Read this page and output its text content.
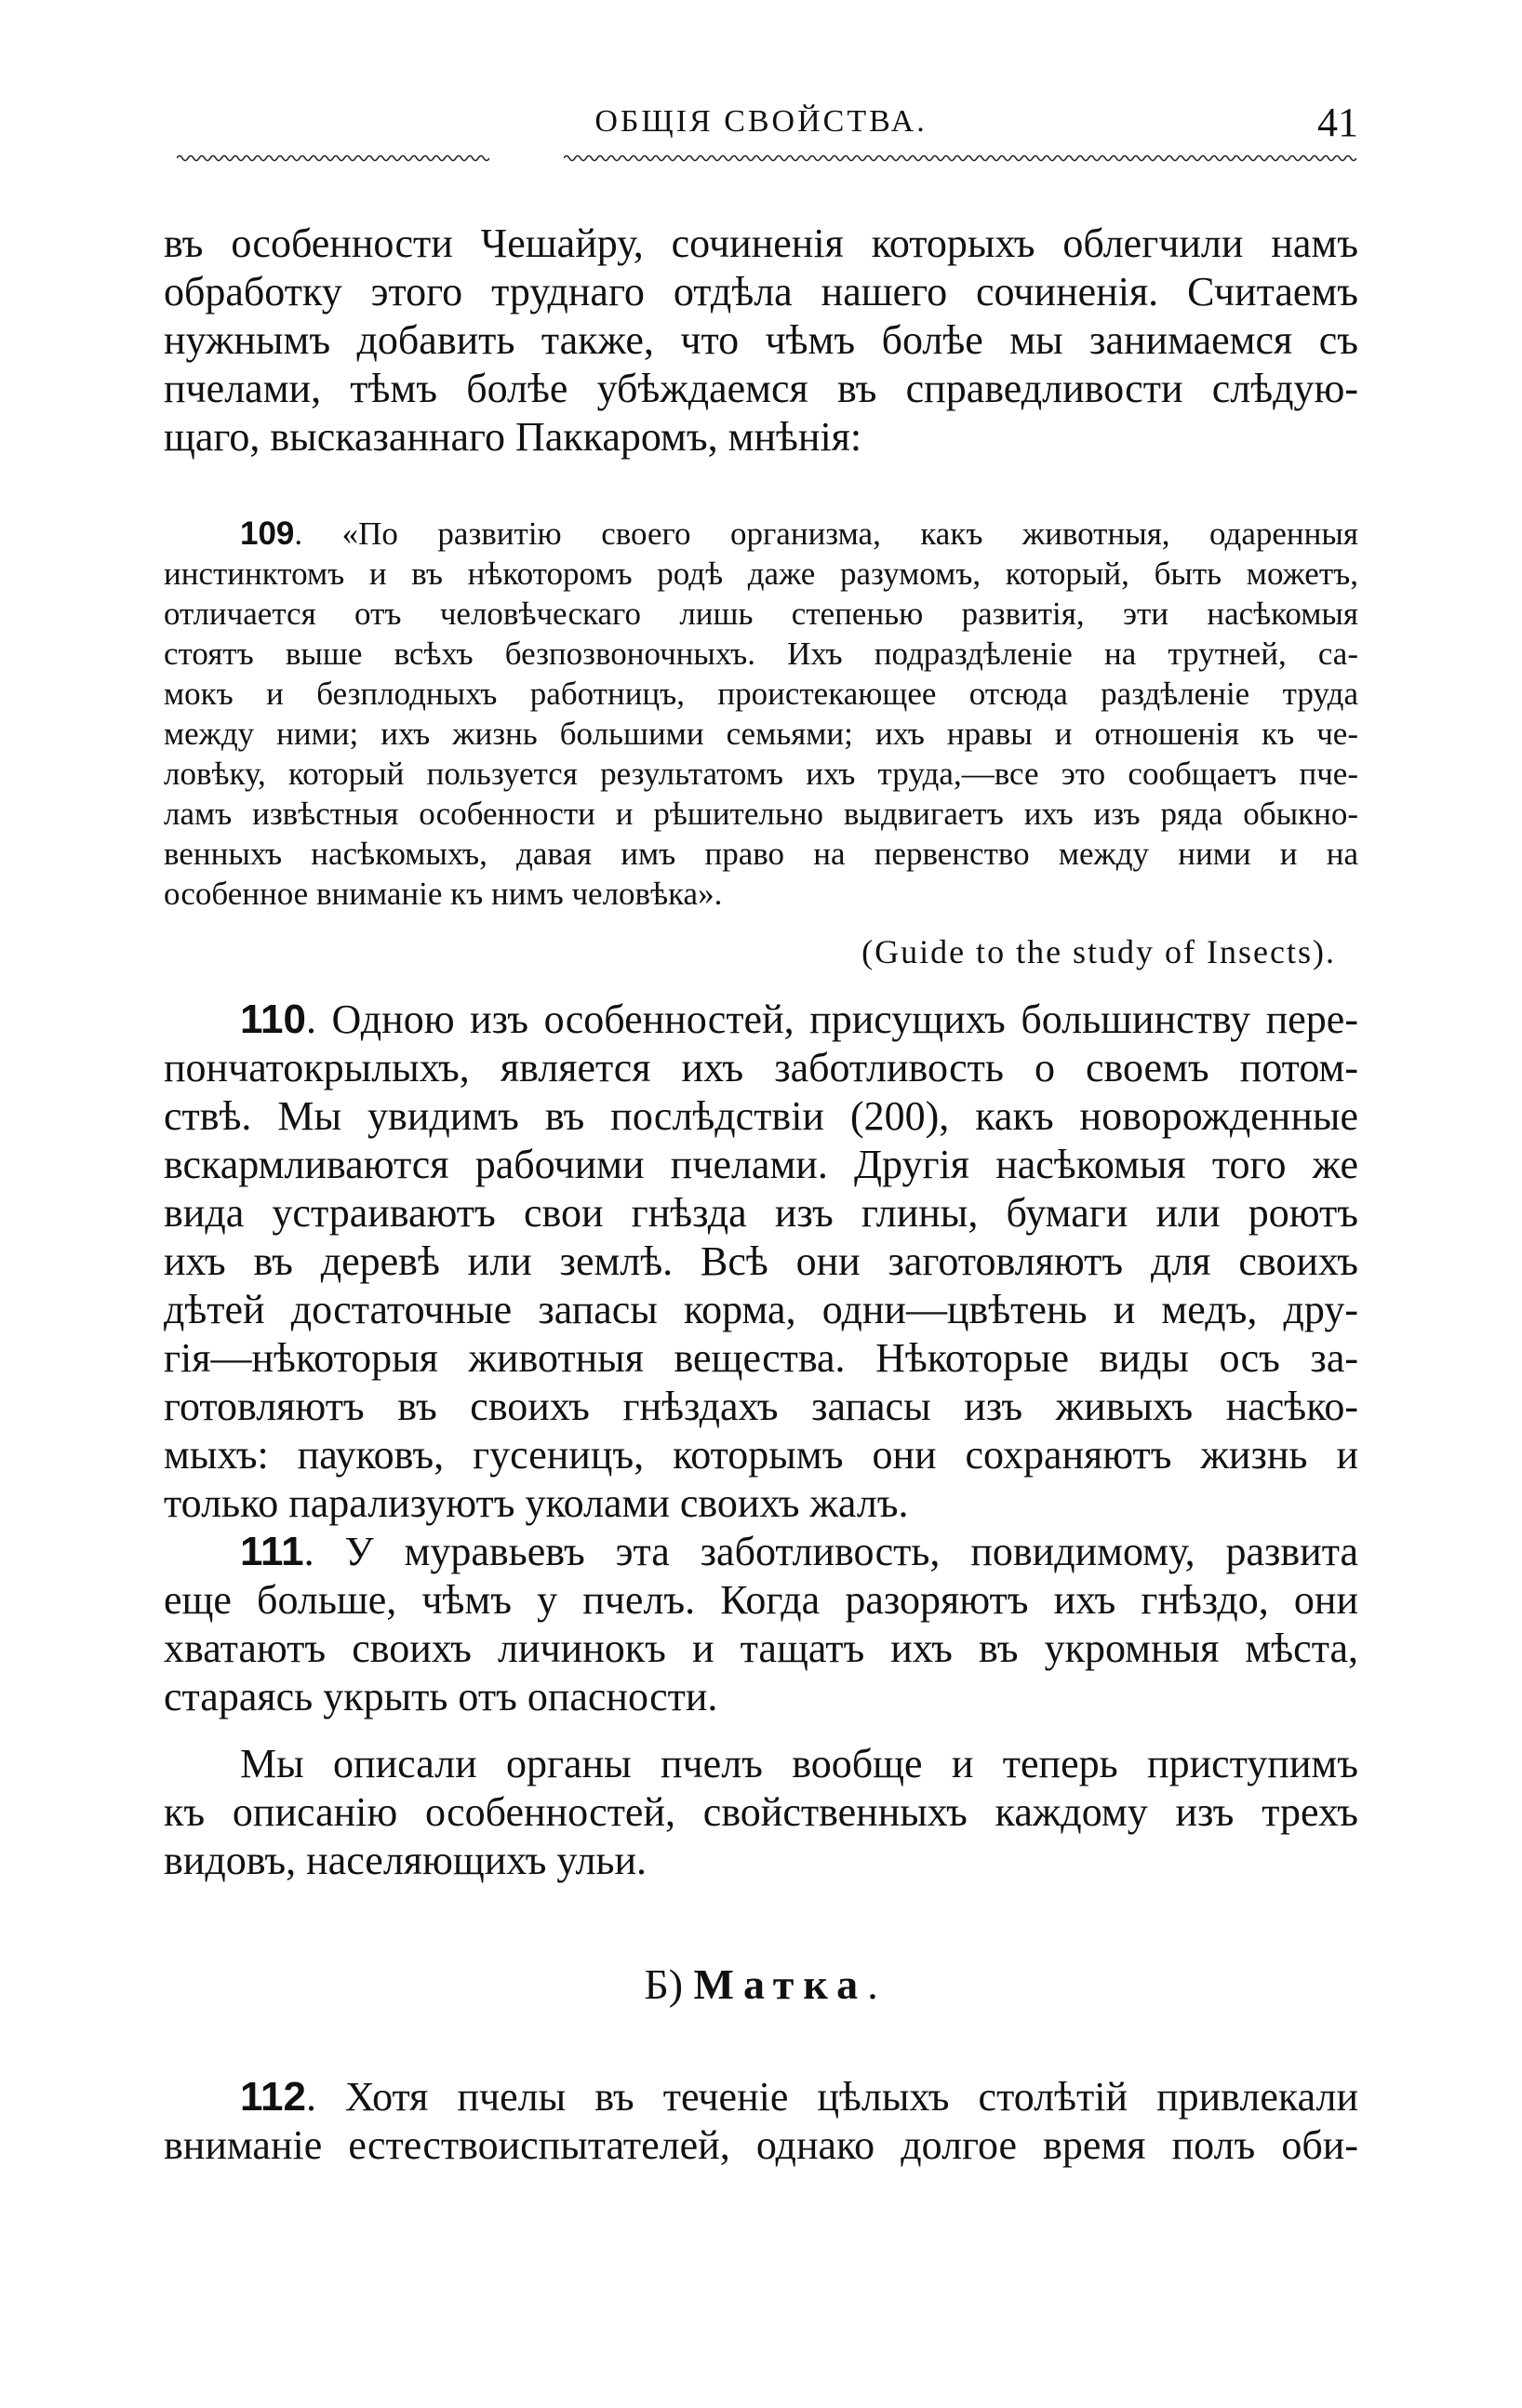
ОБЩІЯ СВОЙСТВА.	41

въ особенности Чешайру, сочиненія которыхъ облегчили намъ

обработку этого труднаго отдѣла нашего сочиненія. Считаемъ

нужнымъ добавить также, что чѣмъ болѣе мы занимаемся съ

пчелами, тѣмъ болѣе убѣждаемся въ справедливости слѣдую-

щаго, высказаннаго Паккаромъ, мнѣнія:

109. «По развитію своего организма, какъ животныя, одаренныя

инстинктомъ и въ нѣкоторомъ родѣ даже разумомъ, который, быть можетъ,

отличается отъ человѣческаго лишь степенью развитія, эти насѣкомыя

стоятъ выше всѣхъ безпозвоночныхъ. Ихъ подраздѣленіе на трутней, са-

мокъ и безплодныхъ работницъ, проистекающее отсюда раздѣленіе труда

между ними; ихъ жизнь большими семьями; ихъ нравы и отношенія къ че-

ловѣку, который пользуется результатомъ ихъ труда,—все это сообщаетъ пче-

ламъ извѣстныя особенности и рѣшительно выдвигаетъ ихъ изъ ряда обыкно-

венныхъ насѣкомыхъ, давая имъ право на первенство между ними и на

особенное вниманіе къ нимъ человѣка».

(Guide to the study of Insects).

110. Одною изъ особенностей, присущихъ большинству пере-

пончатокрылыхъ, является ихъ заботливость о своемъ потом-

ствѣ. Мы увидимъ въ послѣдствіи (200), какъ новорожденные

вскармливаются рабочими пчелами. Другія насѣкомыя того же

вида устраиваютъ свои гнѣзда изъ глины, бумаги или роютъ

ихъ въ деревѣ или землѣ. Всѣ они заготовляютъ для своихъ

дѣтей достаточные запасы корма, одни—цвѣтень и медъ, дру-

гія—нѣкоторыя животныя вещества. Нѣкоторые виды осъ за-

готовляютъ въ своихъ гнѣздахъ запасы изъ живыхъ насѣко-

мыхъ: пауковъ, гусеницъ, которымъ они сохраняютъ жизнь и

только парализуютъ уколами своихъ жалъ.

111. У муравьевъ эта заботливость, повидимому, развита

еще больше, чѣмъ у пчелъ. Когда разоряютъ ихъ гнѣздо, они

хватаютъ своихъ личинокъ и тащатъ ихъ въ укромныя мѣста,

стараясь укрыть отъ опасности.

Мы описали органы пчелъ вообще и теперь приступимъ

къ описанію особенностей, свойственныхъ каждому изъ трехъ

видовъ, населяющихъ ульи.

Б) Матка.

112. Хотя пчелы въ теченіе цѣлыхъ столѣтій привлекали

вниманіе естествоиспытателей, однако долгое время полъ оби-
